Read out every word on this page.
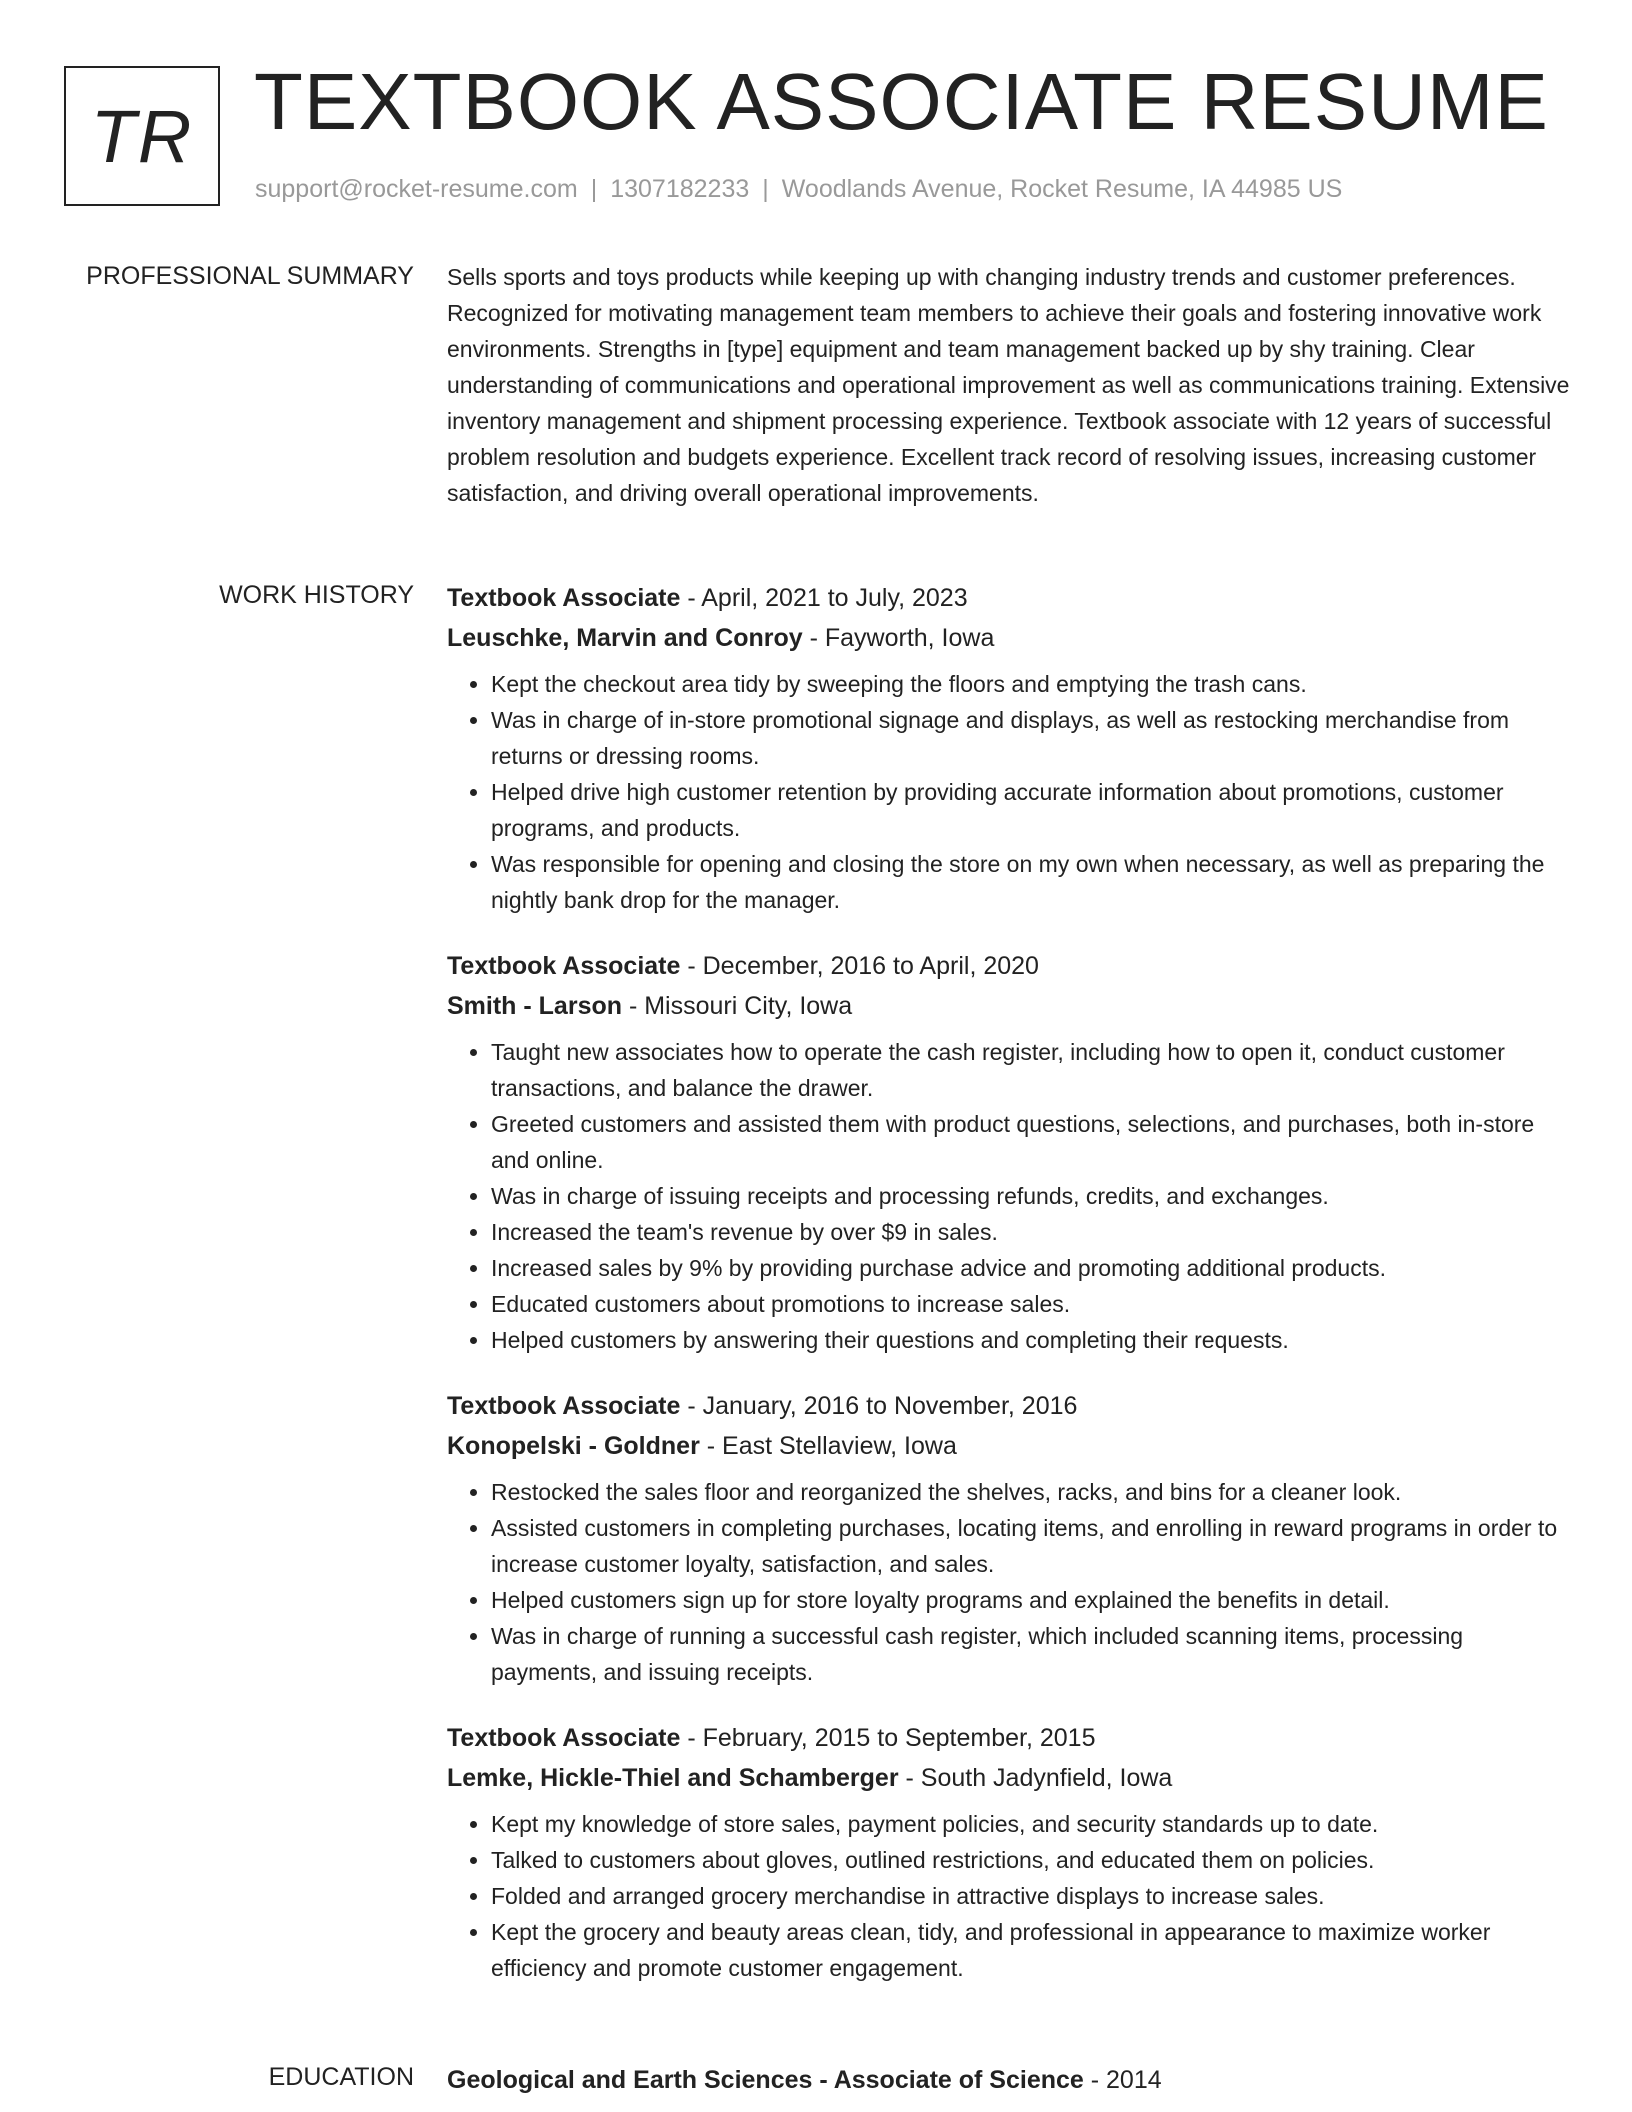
TR TEXTBOOK ASSOCIATE RESUME
support@rocket-resume.com | 1307182233 | Woodlands Avenue, Rocket Resume, IA 44985 US
PROFESSIONAL SUMMARY Sells sports and toys products while keeping up with changing industry trends and customer preferences. Recognized for motivating management team members to achieve their goals and fostering innovative work environments. Strengths in [type] equipment and team management backed up by shy training. Clear understanding of communications and operational improvement as well as communications training. Extensive inventory management and shipment processing experience. Textbook associate with 12 years of successful problem resolution and budgets experience. Excellent track record of resolving issues, increasing customer satisfaction, and driving overall operational improvements.
WORK HISTORY Textbook Associate - April, 2021 to July, 2023
Leuschke, Marvin and Conroy - Fayworth, Iowa
• Kept the checkout area tidy by sweeping the floors and emptying the trash cans.
• Was in charge of in-store promotional signage and displays, as well as restocking merchandise from returns or dressing rooms.
• Helped drive high customer retention by providing accurate information about promotions, customer programs, and products.
• Was responsible for opening and closing the store on my own when necessary, as well as preparing the nightly bank drop for the manager.
Textbook Associate - December, 2016 to April, 2020
Smith - Larson - Missouri City, Iowa
• Taught new associates how to operate the cash register, including how to open it, conduct customer transactions, and balance the drawer.
• Greeted customers and assisted them with product questions, selections, and purchases, both in-store and online.
• Was in charge of issuing receipts and processing refunds, credits, and exchanges.
• Increased the team's revenue by over $9 in sales.
• Increased sales by 9% by providing purchase advice and promoting additional products.
• Educated customers about promotions to increase sales.
• Helped customers by answering their questions and completing their requests.
Textbook Associate - January, 2016 to November, 2016
Konopelski - Goldner - East Stellaview, Iowa
• Restocked the sales floor and reorganized the shelves, racks, and bins for a cleaner look.
• Assisted customers in completing purchases, locating items, and enrolling in reward programs in order to increase customer loyalty, satisfaction, and sales.
• Helped customers sign up for store loyalty programs and explained the benefits in detail.
• Was in charge of running a successful cash register, which included scanning items, processing payments, and issuing receipts.
Textbook Associate - February, 2015 to September, 2015
Lemke, Hickle-Thiel and Schamberger - South Jadynfield, Iowa
• Kept my knowledge of store sales, payment policies, and security standards up to date.
• Talked to customers about gloves, outlined restrictions, and educated them on policies.
• Folded and arranged grocery merchandise in attractive displays to increase sales.
• Kept the grocery and beauty areas clean, tidy, and professional in appearance to maximize worker efficiency and promote customer engagement.
EDUCATION Geological and Earth Sciences - Associate of Science - 2014
